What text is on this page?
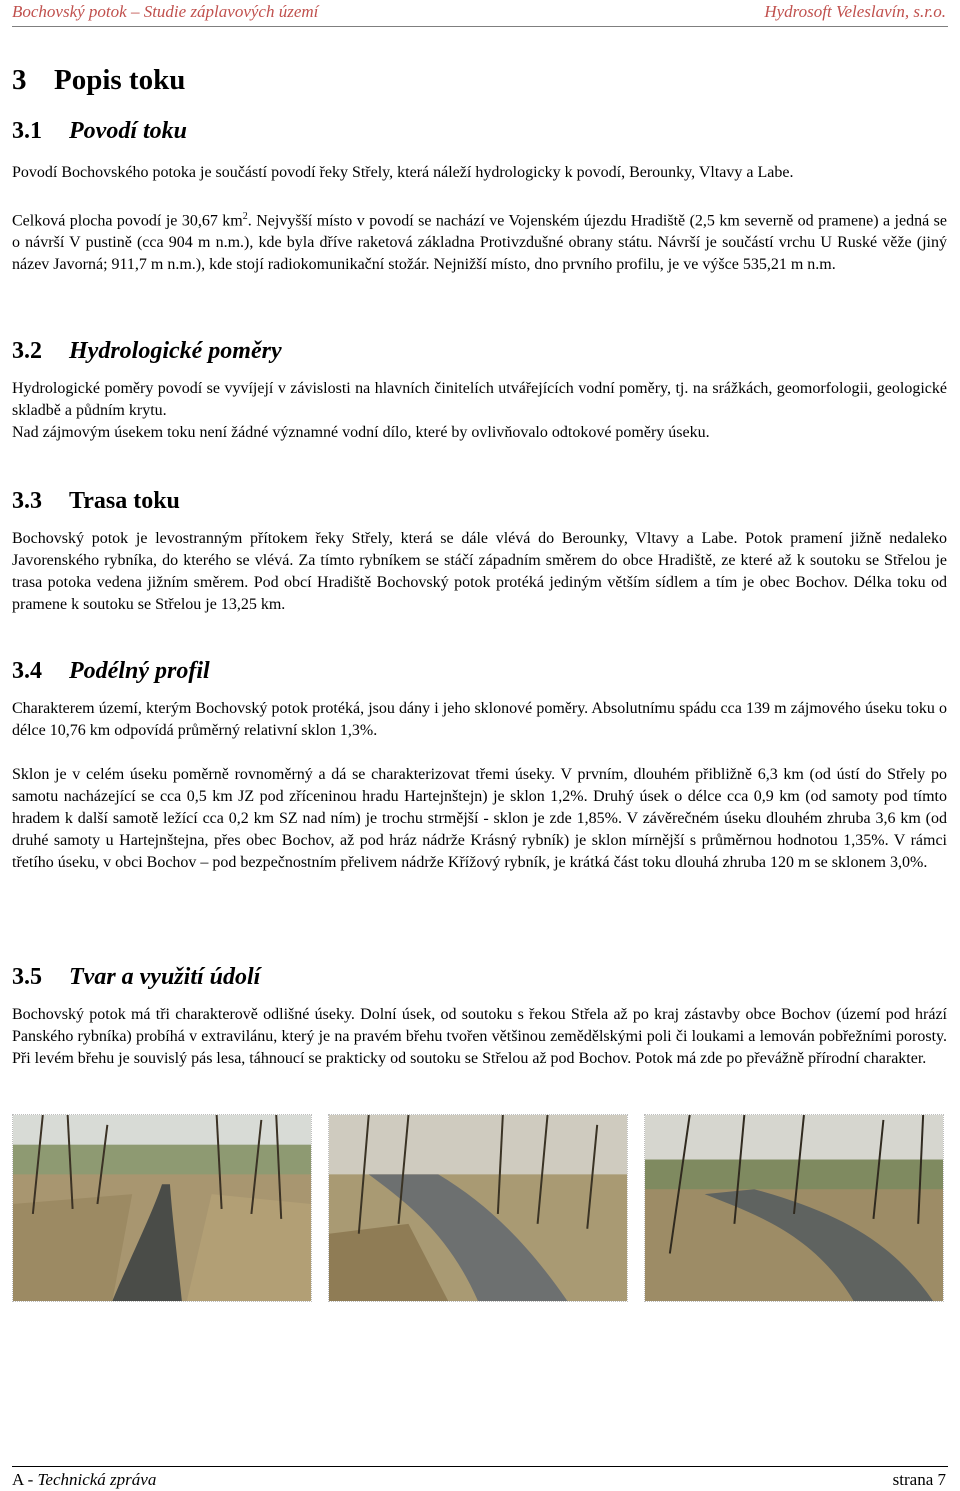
Bochovský potok – Studie záplavových území	Hydrosoft Veleslavín, s.r.o.
3 Popis toku
3.1 Povodí toku

Povodí Bochovského potoka je součástí povodí řeky Střely, která náleží hydrologicky k povodí, Berounky, Vltavy a Labe.

Celková plocha povodí je 30,67 $km^2$. Nejvyšší místo v povodí se nachází ve Vojenském újezdu Hradiště (2,5 km severně od pramene) a jedná se o návrší V pustině (cca 904 m n.m.), kde byla dříve raketová základna Protivzdušné obrany státu. Návrší je součástí vrchu U Ruské věže (jiný název Javorná; 911,7 m n.m.), kde stojí radiokomunikační stožár. Nejnižší místo, dno prvního profilu, je ve výšce 535,21 m n.m.

3.2 Hydrologické poměry

Hydrologické poměry povodí se vyvíjejí v závislosti na hlavních činitelích utvářejících vodní poměry, tj. na srážkách, geomorfologii, geologické skladbě a půdním krytu.

Nad zájmovým úsekem toku není žádné významné vodní dílo, které by ovlivňovalo odtokové poměry úseku.

3.3 Trasa toku

Bochovský potok je levostranným přítokem řeky Střely, která se dále vlévá do Berounky, Vltavy a Labe. Potok pramení jižně nedaleko Javorenského rybníka, do kterého se vlévá. Za tímto rybníkem se stáčí západním směrem do obce Hradiště, ze které až k soutoku se Střelou je trasa potoka vedena jižním směrem. Pod obcí Hradiště Bochovský potok protéká jediným větším sídlem a tím je obec Bochov. Délka toku od pramene k soutoku se Střelou je 13,25 km.

3.4 Podélný profil

Charakterem území, kterým Bochovský potok protéká, jsou dány i jeho sklonové poměry. Absolutnímu spádu cca 139 m zájmového úseku toku o délce 10,76 km odpovídá průměrný relativní sklon 1,3%.

Sklon je v celém úseku poměrně rovnoměrný a dá se charakterizovat třemi úseky. V prvním, dlouhém přibližně 6,3 km (od ústí do Střely po samotu nacházející se cca 0,5 km JZ pod zříceninou hradu Hartejnštejn) je sklon 1,2%. Druhý úsek o délce cca 0,9 km (od samoty pod tímto hradem k další samotě ležící cca 0,2 km SZ nad ním) je trochu strmější - sklon je zde 1,85%. V závěrečném úseku dlouhém zhruba 3,6 km (od druhé samoty u Hartejnštejna, přes obec Bochov, až pod hráz nádrže Krásný rybník) je sklon mírnější s průměrnou hodnotou 1,35%. V rámci třetího úseku, v obci Bochov – pod bezpečnostním přelivem nádrže Křížový rybník, je krátká část toku dlouhá zhruba 120 m se sklonem 3,0%.

3.5 Tvar a využití údolí

Bochovský potok má tři charakterově odlišné úseky. Dolní úsek, od soutoku s řekou Střela až po kraj zástavby obce Bochov (území pod hrází Panského rybníka) probíhá v extravilánu, který je na pravém břehu tvořen většinou zemědělskými poli či loukami a lemován pobřežními porosty. Při levém břehu je souvislý pás lesa, táhnoucí se prakticky od soutoku se Střelou až pod Bochov. Potok má zde po převážně přírodní charakter.

A - Technická zpráva	strana 7
